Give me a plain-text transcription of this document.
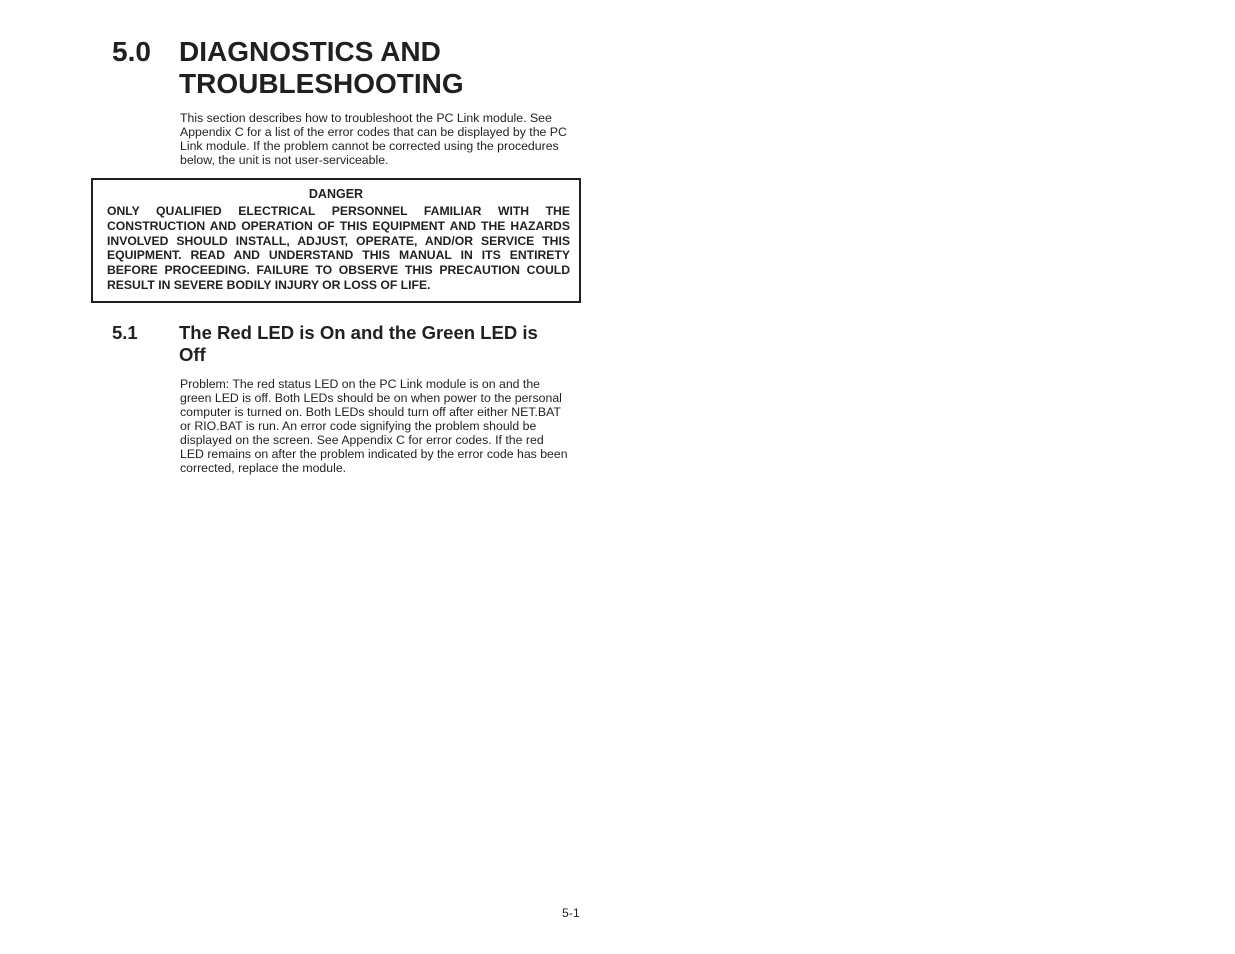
5.0 DIAGNOSTICS AND TROUBLESHOOTING

This section describes how to troubleshoot the PC Link module. See Appendix C for a list of the error codes that can be displayed by the PC Link module. If the problem cannot be corrected using the procedures below, the unit is not user-serviceable.

DANGER

ONLY QUALIFIED ELECTRICAL PERSONNEL FAMILIAR WITH THE CONSTRUCTION AND OPERATION OF THIS EQUIPMENT AND THE HAZARDS INVOLVED SHOULD INSTALL, ADJUST, OPERATE, AND/OR SERVICE THIS EQUIPMENT. READ AND UNDERSTAND THIS MANUAL IN ITS ENTIRETY BEFORE PROCEEDING. FAILURE TO OBSERVE THIS PRECAUTION COULD RESULT IN SEVERE BODILY INJURY OR LOSS OF LIFE.

5.1 The Red LED is On and the Green LED is Off

Problem: The red status LED on the PC Link module is on and the green LED is off. Both LEDs should be on when power to the personal computer is turned on. Both LEDs should turn off after either NET.BAT or RIO.BAT is run. An error code signifying the problem should be displayed on the screen. See Appendix C for error codes. If the red LED remains on after the problem indicated by the error code has been corrected, replace the module.

5-1
